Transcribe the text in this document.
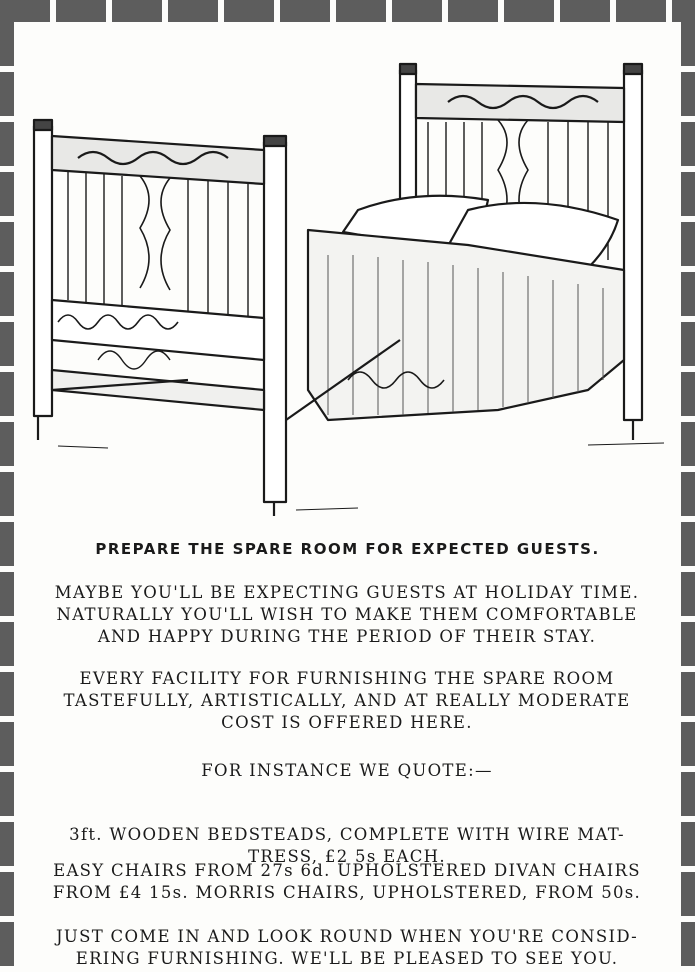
PREPARE THE SPARE ROOM FOR EXPECTED GUESTS.

MAYBE YOU'LL BE EXPECTING GUESTS AT HOLIDAY TIME.
NATURALLY YOU'LL WISH TO MAKE THEM COMFORTABLE
AND HAPPY DURING THE PERIOD OF THEIR STAY.

EVERY FACILITY FOR FURNISHING THE SPARE ROOM
TASTEFULLY, ARTISTICALLY, AND AT REALLY MODERATE
COST IS OFFERED HERE.

FOR INSTANCE WE QUOTE:—

3ft. WOODEN BEDSTEADS, COMPLETE WITH WIRE MAT-
TRESS, £2 5s EACH.

EASY CHAIRS FROM 27s 6d. UPHOLSTERED DIVAN CHAIRS
FROM £4 15s. MORRIS CHAIRS, UPHOLSTERED, FROM 50s.

JUST COME IN AND LOOK ROUND WHEN YOU'RE CONSID-
ERING FURNISHING. WE'LL BE PLEASED TO SEE YOU.
